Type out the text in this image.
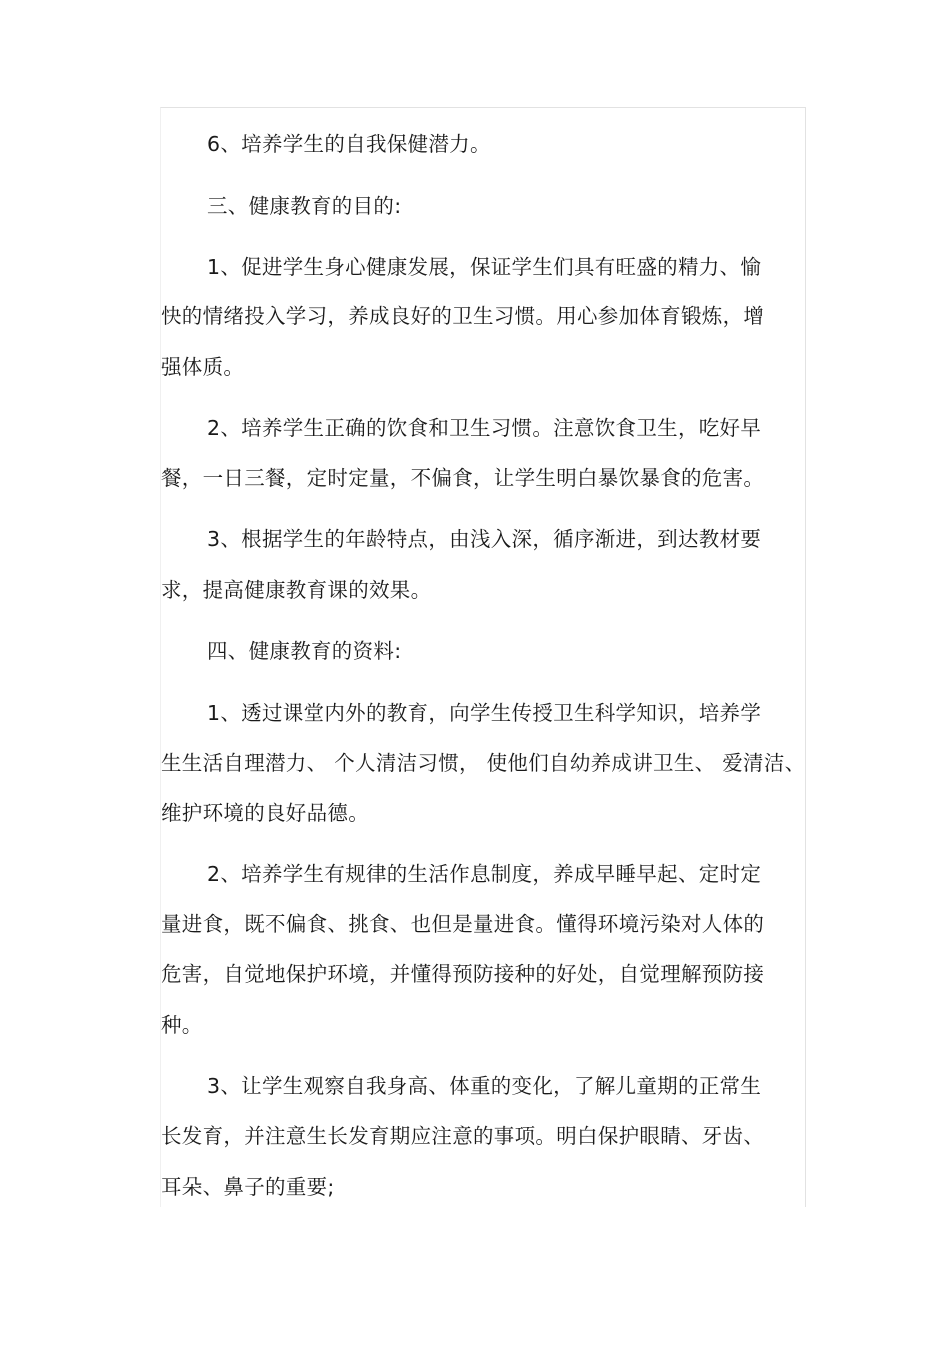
6、培养学生的自我保健潜力。
三、健康教育的目的:
1、促进学生身心健康发展，保证学生们具有旺盛的精力、愉
快的情绪投入学习，养成良好的卫生习惯。用心参加体育锻炼，增
强体质。
2、培养学生正确的饮食和卫生习惯。注意饮食卫生，吃好早
餐，一日三餐，定时定量，不偏食，让学生明白暴饮暴食的危害。
3、根据学生的年龄特点，由浅入深，循序渐进，到达教材要
求，提高健康教育课的效果。
四、健康教育的资料:
1、透过课堂内外的教育，向学生传授卫生科学知识，培养学
生生活自理潜力、 个人清洁习惯， 使他们自幼养成讲卫生、 爱清洁、
维护环境的良好品德。
2、培养学生有规律的生活作息制度，养成早睡早起、定时定
量进食，既不偏食、挑食、也但是量进食。懂得环境污染对人体的
危害，自觉地保护环境，并懂得预防接种的好处，自觉理解预防接
种。
3、让学生观察自我身高、体重的变化，了解儿童期的正常生
长发育，并注意生长发育期应注意的事项。明白保护眼睛、牙齿、
耳朵、鼻子的重要;
